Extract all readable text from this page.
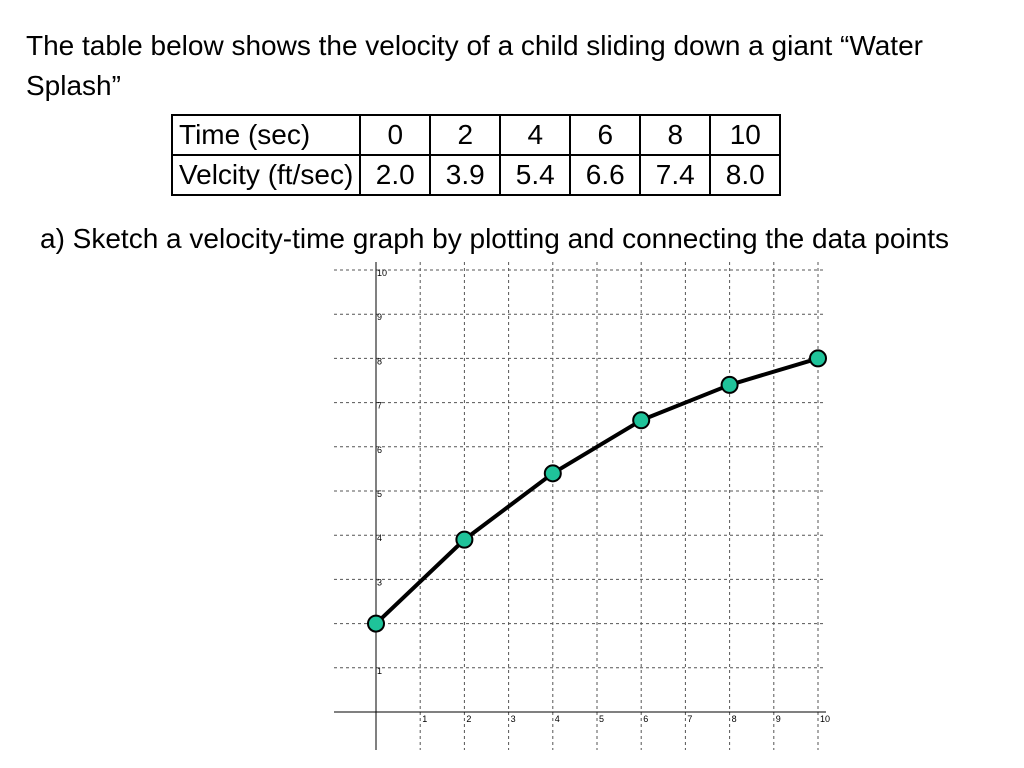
The table below shows the velocity of a child sliding down a giant “Water Splash”

Time (sec)	0	2	4	6	8	10
Velcity (ft/sec)	2.0	3.9	5.4	6.6	7.4	8.0

a) Sketch a velocity-time graph by plotting and connecting the data points

1	2	3	4	5	6	7	8	9	10
1
3
4
5
6
7
8
9
10
